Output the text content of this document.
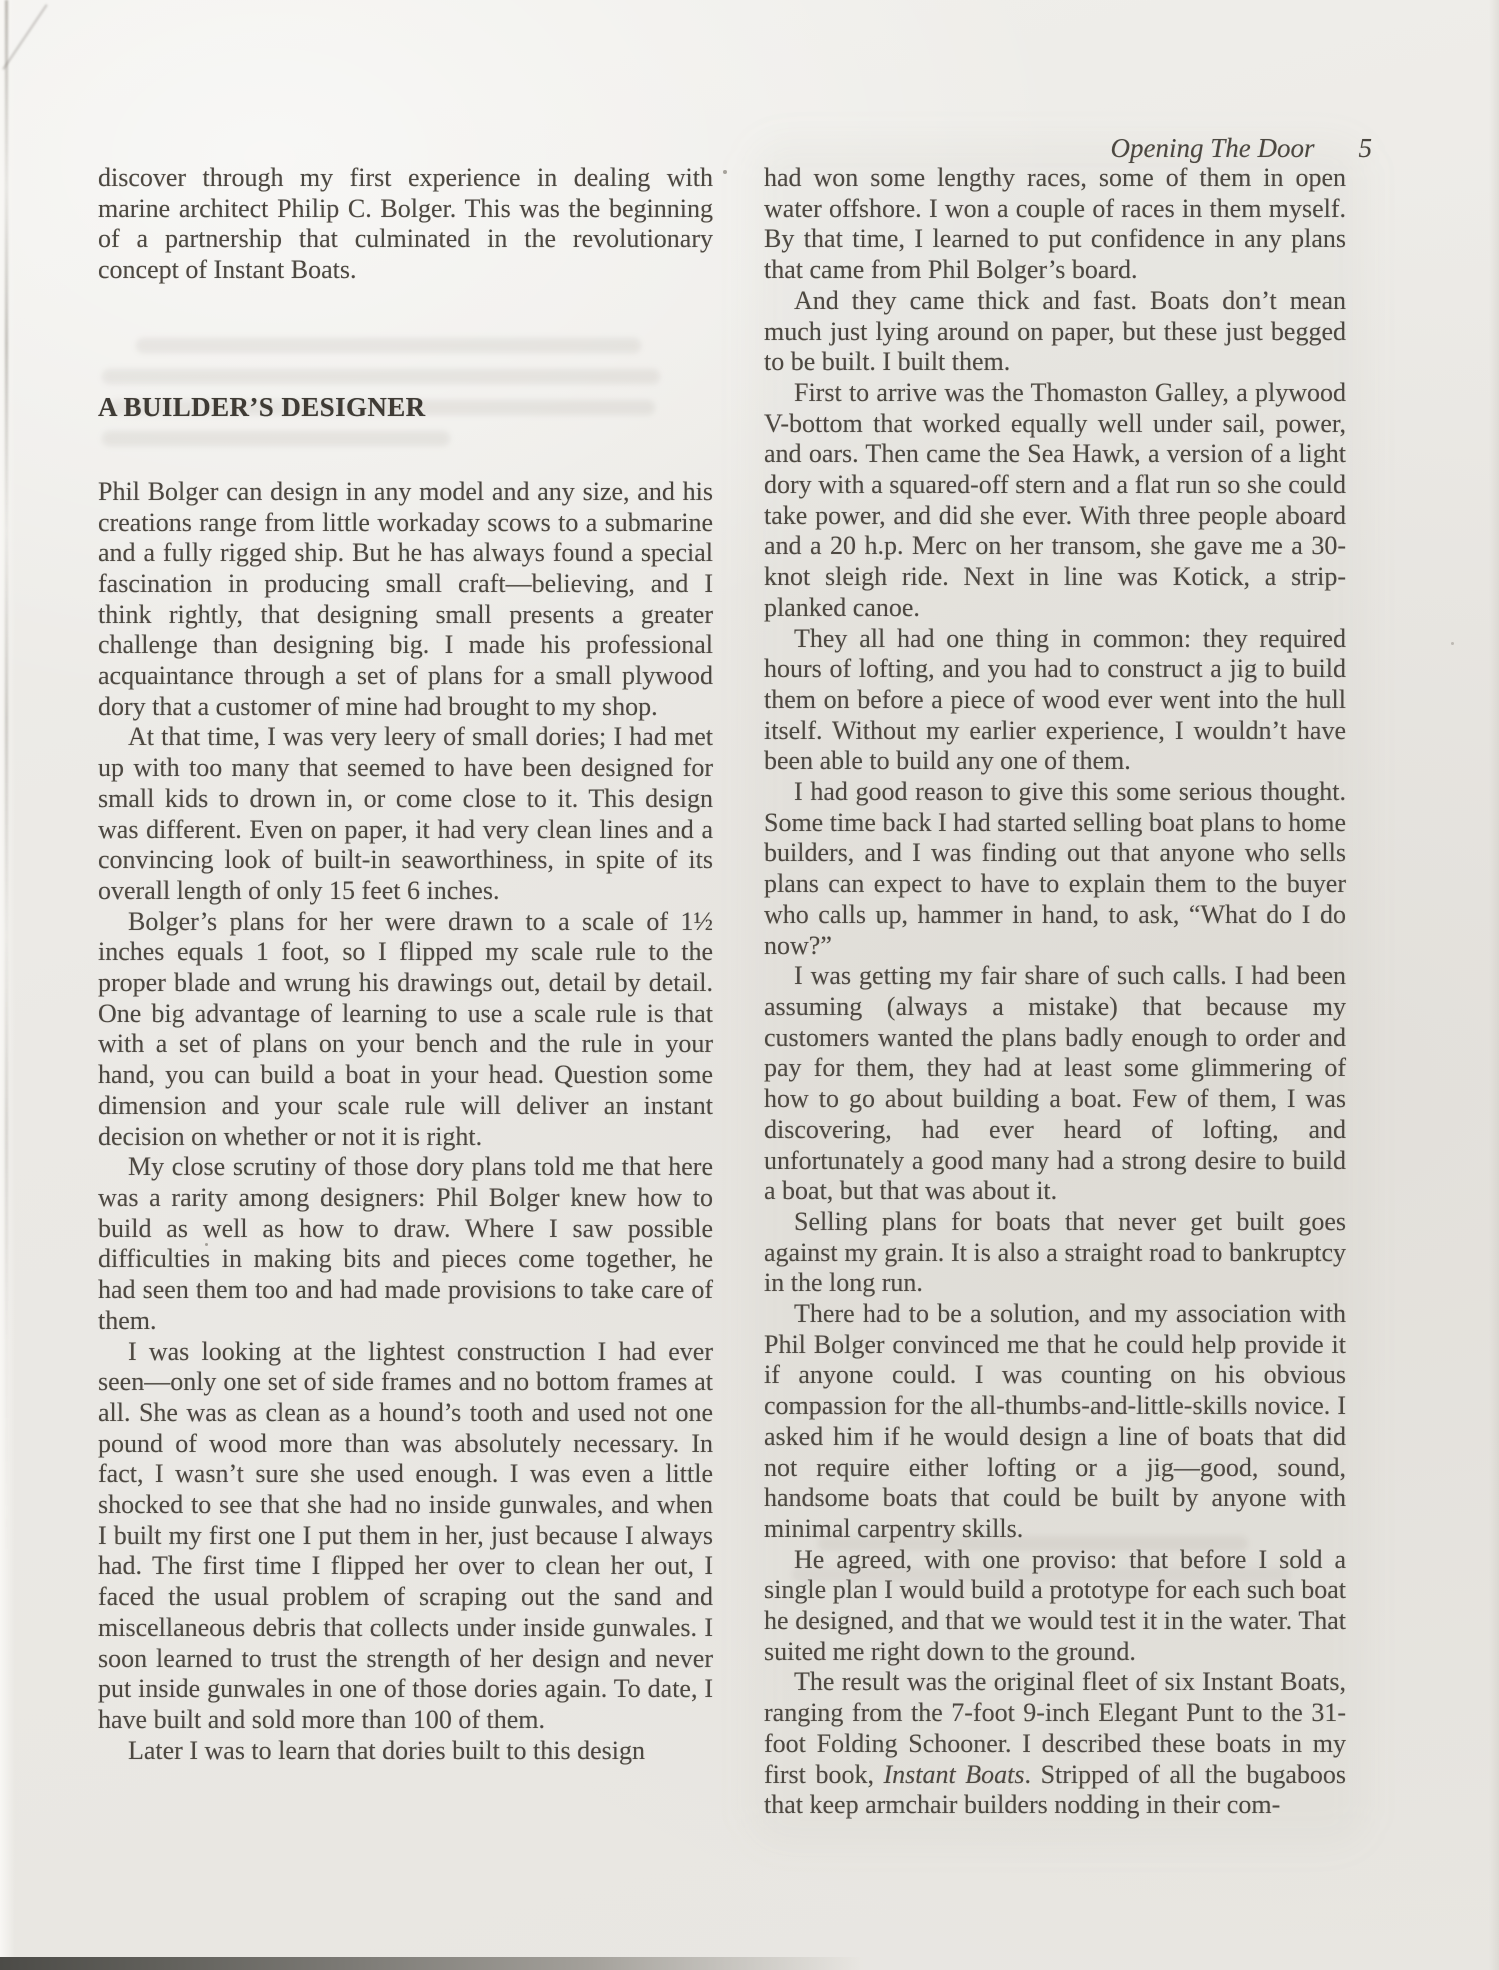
Opening The Door 5

discover through my first experience in dealing with marine architect Philip C. Bolger. This was the beginning of a partnership that culminated in the revolutionary concept of Instant Boats.

A BUILDER’S DESIGNER

Phil Bolger can design in any model and any size, and his creations range from little workaday scows to a submarine and a fully rigged ship. But he has always found a special fascination in producing small craft—believing, and I think rightly, that designing small presents a greater challenge than designing big. I made his professional acquaintance through a set of plans for a small plywood dory that a customer of mine had brought to my shop.

At that time, I was very leery of small dories; I had met up with too many that seemed to have been designed for small kids to drown in, or come close to it. This design was different. Even on paper, it had very clean lines and a convincing look of built-in seaworthiness, in spite of its overall length of only 15 feet 6 inches.

Bolger’s plans for her were drawn to a scale of 1½ inches equals 1 foot, so I flipped my scale rule to the proper blade and wrung his drawings out, detail by detail. One big advantage of learning to use a scale rule is that with a set of plans on your bench and the rule in your hand, you can build a boat in your head. Question some dimension and your scale rule will deliver an instant decision on whether or not it is right.

My close scrutiny of those dory plans told me that here was a rarity among designers: Phil Bolger knew how to build as well as how to draw. Where I saw possible difficulties in making bits and pieces come together, he had seen them too and had made provisions to take care of them.

I was looking at the lightest construction I had ever seen—only one set of side frames and no bottom frames at all. She was as clean as a hound’s tooth and used not one pound of wood more than was absolutely necessary. In fact, I wasn’t sure she used enough. I was even a little shocked to see that she had no inside gunwales, and when I built my first one I put them in her, just because I always had. The first time I flipped her over to clean her out, I faced the usual problem of scraping out the sand and miscellaneous debris that collects under inside gunwales. I soon learned to trust the strength of her design and never put inside gunwales in one of those dories again. To date, I have built and sold more than 100 of them.

Later I was to learn that dories built to this design

had won some lengthy races, some of them in open water offshore. I won a couple of races in them myself. By that time, I learned to put confidence in any plans that came from Phil Bolger’s board.

And they came thick and fast. Boats don’t mean much just lying around on paper, but these just begged to be built. I built them.

First to arrive was the Thomaston Galley, a plywood V-bottom that worked equally well under sail, power, and oars. Then came the Sea Hawk, a version of a light dory with a squared-off stern and a flat run so she could take power, and did she ever. With three people aboard and a 20 h.p. Merc on her transom, she gave me a 30-knot sleigh ride. Next in line was Kotick, a strip-planked canoe.

They all had one thing in common: they required hours of lofting, and you had to construct a jig to build them on before a piece of wood ever went into the hull itself. Without my earlier experience, I wouldn’t have been able to build any one of them.

I had good reason to give this some serious thought. Some time back I had started selling boat plans to home builders, and I was finding out that anyone who sells plans can expect to have to explain them to the buyer who calls up, hammer in hand, to ask, “What do I do now?”

I was getting my fair share of such calls. I had been assuming (always a mistake) that because my customers wanted the plans badly enough to order and pay for them, they had at least some glimmering of how to go about building a boat. Few of them, I was discovering, had ever heard of lofting, and unfortunately a good many had a strong desire to build a boat, but that was about it.

Selling plans for boats that never get built goes against my grain. It is also a straight road to bankruptcy in the long run.

There had to be a solution, and my association with Phil Bolger convinced me that he could help provide it if anyone could. I was counting on his obvious compassion for the all-thumbs-and-little-skills novice. I asked him if he would design a line of boats that did not require either lofting or a jig—good, sound, handsome boats that could be built by anyone with minimal carpentry skills.

He agreed, with one proviso: that before I sold a single plan I would build a prototype for each such boat he designed, and that we would test it in the water. That suited me right down to the ground.

The result was the original fleet of six Instant Boats, ranging from the 7-foot 9-inch Elegant Punt to the 31-foot Folding Schooner. I described these boats in my first book, Instant Boats. Stripped of all the bugaboos that keep armchair builders nodding in their com-
